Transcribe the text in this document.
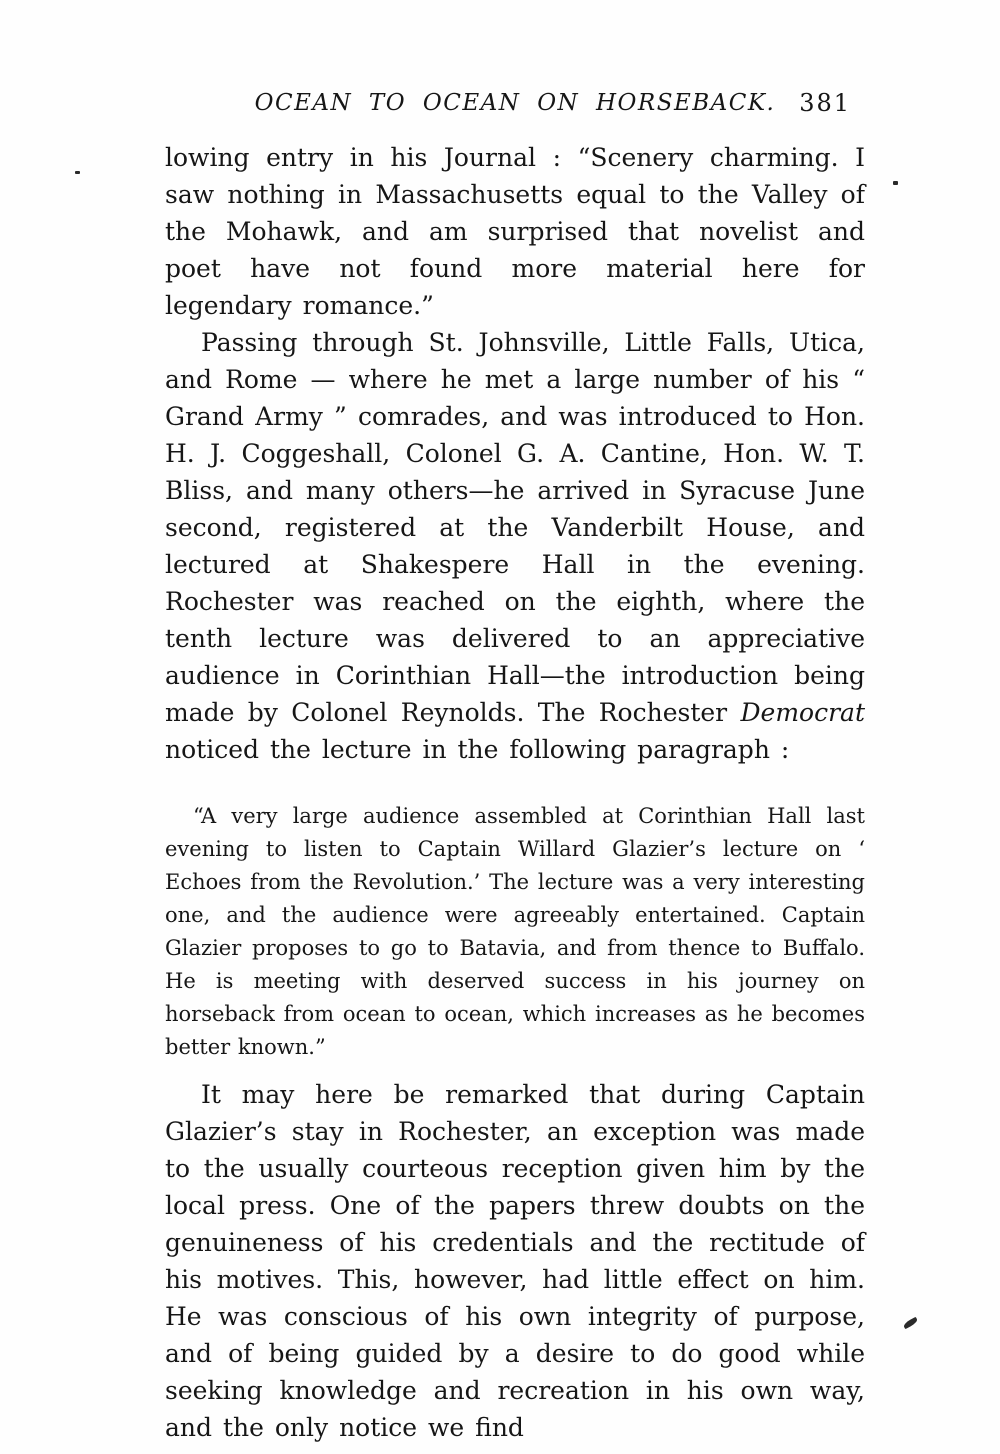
OCEAN TO OCEAN ON HORSEBACK. 381

lowing entry in his Journal : “Scenery charming. I saw nothing in Massachusetts equal to the Valley of the Mohawk, and am surprised that novelist and poet have not found more material here for legendary romance.”

Passing through St. Johnsville, Little Falls, Utica, and Rome — where he met a large number of his “ Grand Army ” comrades, and was introduced to Hon. H. J. Coggeshall, Colonel G. A. Cantine, Hon. W. T. Bliss, and many others—he arrived in Syracuse June second, registered at the Vanderbilt House, and lectured at Shakespere Hall in the evening. Rochester was reached on the eighth, where the tenth lecture was delivered to an appreciative audience in Corinthian Hall—the introduction being made by Colonel Reynolds. The Rochester Democrat noticed the lecture in the following paragraph :

“A very large audience assembled at Corinthian Hall last evening to listen to Captain Willard Glazier’s lecture on ‘ Echoes from the Revolution.’ The lecture was a very interesting one, and the audience were agreeably entertained. Captain Glazier proposes to go to Batavia, and from thence to Buffalo. He is meeting with deserved success in his journey on horseback from ocean to ocean, which increases as he becomes better known.”

It may here be remarked that during Captain Glazier’s stay in Rochester, an exception was made to the usually courteous reception given him by the local press. One of the papers threw doubts on the genuineness of his credentials and the rectitude of his motives. This, however, had little effect on him. He was conscious of his own integrity of purpose, and of being guided by a desire to do good while seeking knowledge and recreation in his own way, and the only notice we find
